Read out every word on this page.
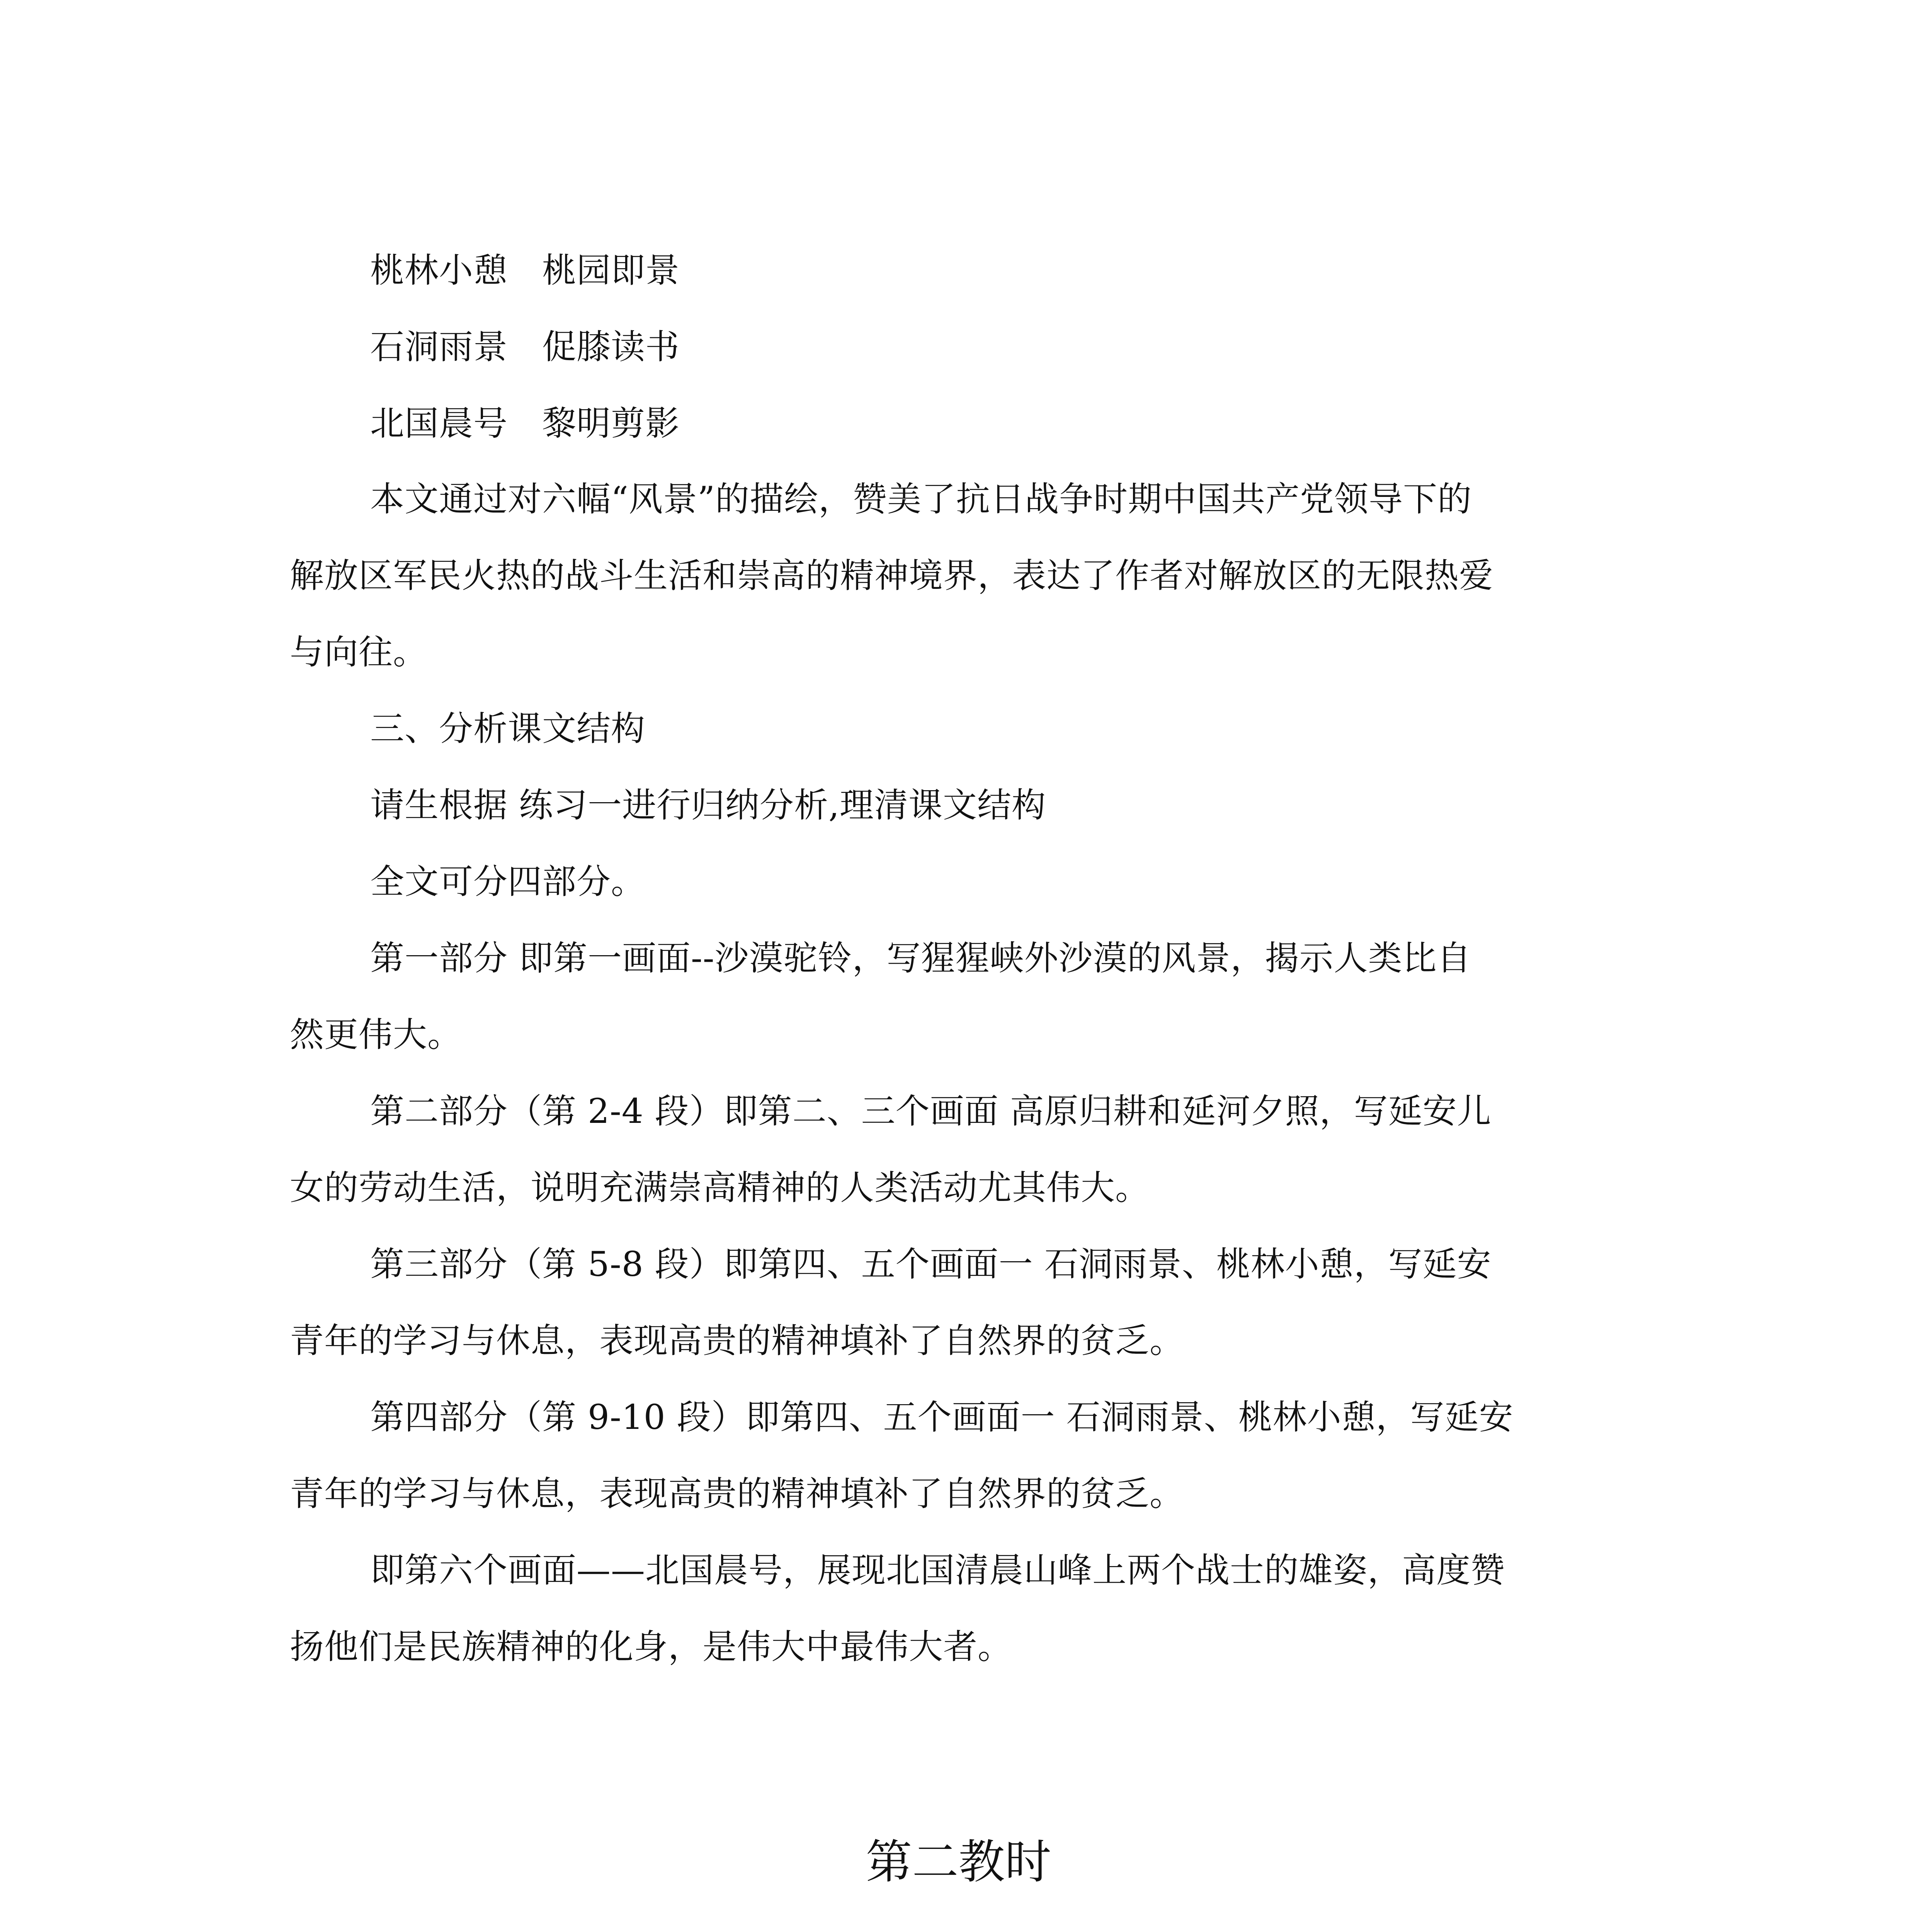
桃林小憩　桃园即景
石洞雨景　促膝读书
北国晨号　黎明剪影
本文通过对六幅“风景”的描绘，赞美了抗日战争时期中国共产党领导下的
解放区军民火热的战斗生活和崇高的精神境界，表达了作者对解放区的无限热爱
与向往。
三、分析课文结构
请生根据 练习一进行归纳分析,理清课文结构
全文可分四部分。
第一部分 即第一画面--沙漠驼铃，写猩猩峡外沙漠的风景，揭示人类比自
然更伟大。
第二部分（第 2-4 段）即第二、三个画面 高原归耕和延河夕照，写延安儿
女的劳动生活，说明充满崇高精神的人类活动尤其伟大。
第三部分（第 5-8 段）即第四、五个画面一 石洞雨景、桃林小憩，写延安
青年的学习与休息，表现高贵的精神填补了自然界的贫乏。
第四部分（第 9-10 段）即第四、五个画面一 石洞雨景、桃林小憩，写延安
青年的学习与休息，表现高贵的精神填补了自然界的贫乏。
即第六个画面——北国晨号，展现北国清晨山峰上两个战士的雄姿，高度赞
扬他们是民族精神的化身，是伟大中最伟大者。
第二教时
